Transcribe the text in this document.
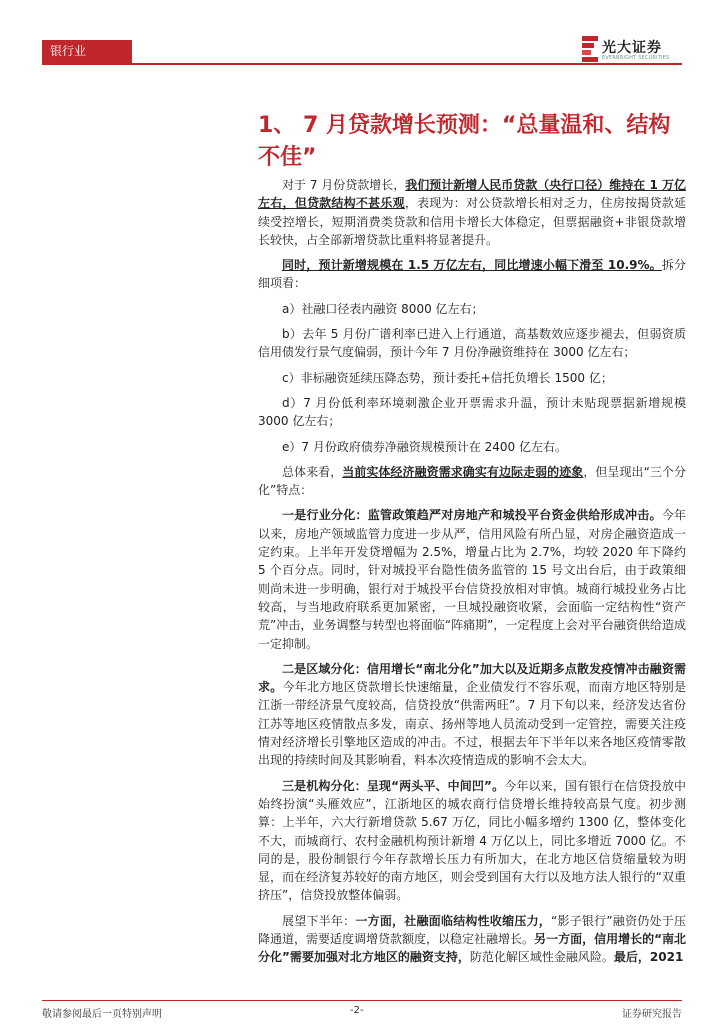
银行业	光大证券
EVERBRIGHT SECURITIES
1、 7 月贷款增长预测：“总量温和、结构不佳”

对于 7 月份贷款增长，我们预计新增人民币贷款（央行口径）维持在 1 万亿左右，但贷款结构不甚乐观，表现为：对公贷款增长相对乏力，住房按揭贷款延续受控增长，短期消费类贷款和信用卡增长大体稳定，但票据融资+非银贷款增长较快，占全部新增贷款比重料将显著提升。

同时，预计新增规模在 1.5 万亿左右，同比增速小幅下滑至 10.9%。拆分细项看：

a）社融口径表内融资 8000 亿左右；

b）去年 5 月份广谱利率已进入上行通道，高基数效应逐步褪去，但弱资质信用债发行景气度偏弱，预计今年 7 月份净融资维持在 3000 亿左右；

c）非标融资延续压降态势，预计委托+信托负增长 1500 亿；

d）7 月份低利率环境刺激企业开票需求升温，预计未贴现票据新增规模 3000 亿左右；

e）7 月份政府债券净融资规模预计在 2400 亿左右。

总体来看，当前实体经济融资需求确实有边际走弱的迹象，但呈现出“三个分化”特点：

一是行业分化：监管政策趋严对房地产和城投平台资金供给形成冲击。今年以来，房地产领域监管力度进一步从严，信用风险有所凸显，对房企融资造成一定约束。上半年开发贷增幅为 2.5%，增量占比为 2.7%，均较 2020 年下降约 5 个百分点。同时，针对城投平台隐性债务监管的 15 号文出台后，由于政策细则尚未进一步明确，银行对于城投平台信贷投放相对审慎。城商行城投业务占比较高，与当地政府联系更加紧密，一旦城投融资收紧，会面临一定结构性“资产荒”冲击，业务调整与转型也将面临“阵痛期”，一定程度上会对平台融资供给造成一定抑制。

二是区域分化：信用增长“南北分化”加大以及近期多点散发疫情冲击融资需求。今年北方地区贷款增长快速缩量，企业债发行不容乐观，而南方地区特别是江浙一带经济景气度较高，信贷投放“供需两旺”。7 月下旬以来，经济发达省份江苏等地区疫情散点多发，南京、扬州等地人员流动受到一定管控，需要关注疫情对经济增长引擎地区造成的冲击。不过，根据去年下半年以来各地区疫情零散出现的持续时间及其影响看，料本次疫情造成的影响不会太大。

三是机构分化：呈现“两头平、中间凹”。今年以来，国有银行在信贷投放中始终扮演“头雁效应”，江浙地区的城农商行信贷增长维持较高景气度。初步测算：上半年，六大行新增贷款 5.67 万亿，同比小幅多增约 1300 亿，整体变化不大，而城商行、农村金融机构预计新增 4 万亿以上，同比多增近 7000 亿。不同的是，股份制银行今年存款增长压力有所加大，在北方地区信贷缩量较为明显，而在经济复苏较好的南方地区，则会受到国有大行以及地方法人银行的“双重挤压”，信贷投放整体偏弱。

展望下半年：一方面，社融面临结构性收缩压力，“影子银行”融资仍处于压降通道，需要适度调增贷款额度，以稳定社融增长。另一方面，信用增长的“南北分化”需要加强对北方地区的融资支持，防范化解区域性金融风险。最后，2021

敬请参阅最后一页特别声明	-2-	证券研究报告
